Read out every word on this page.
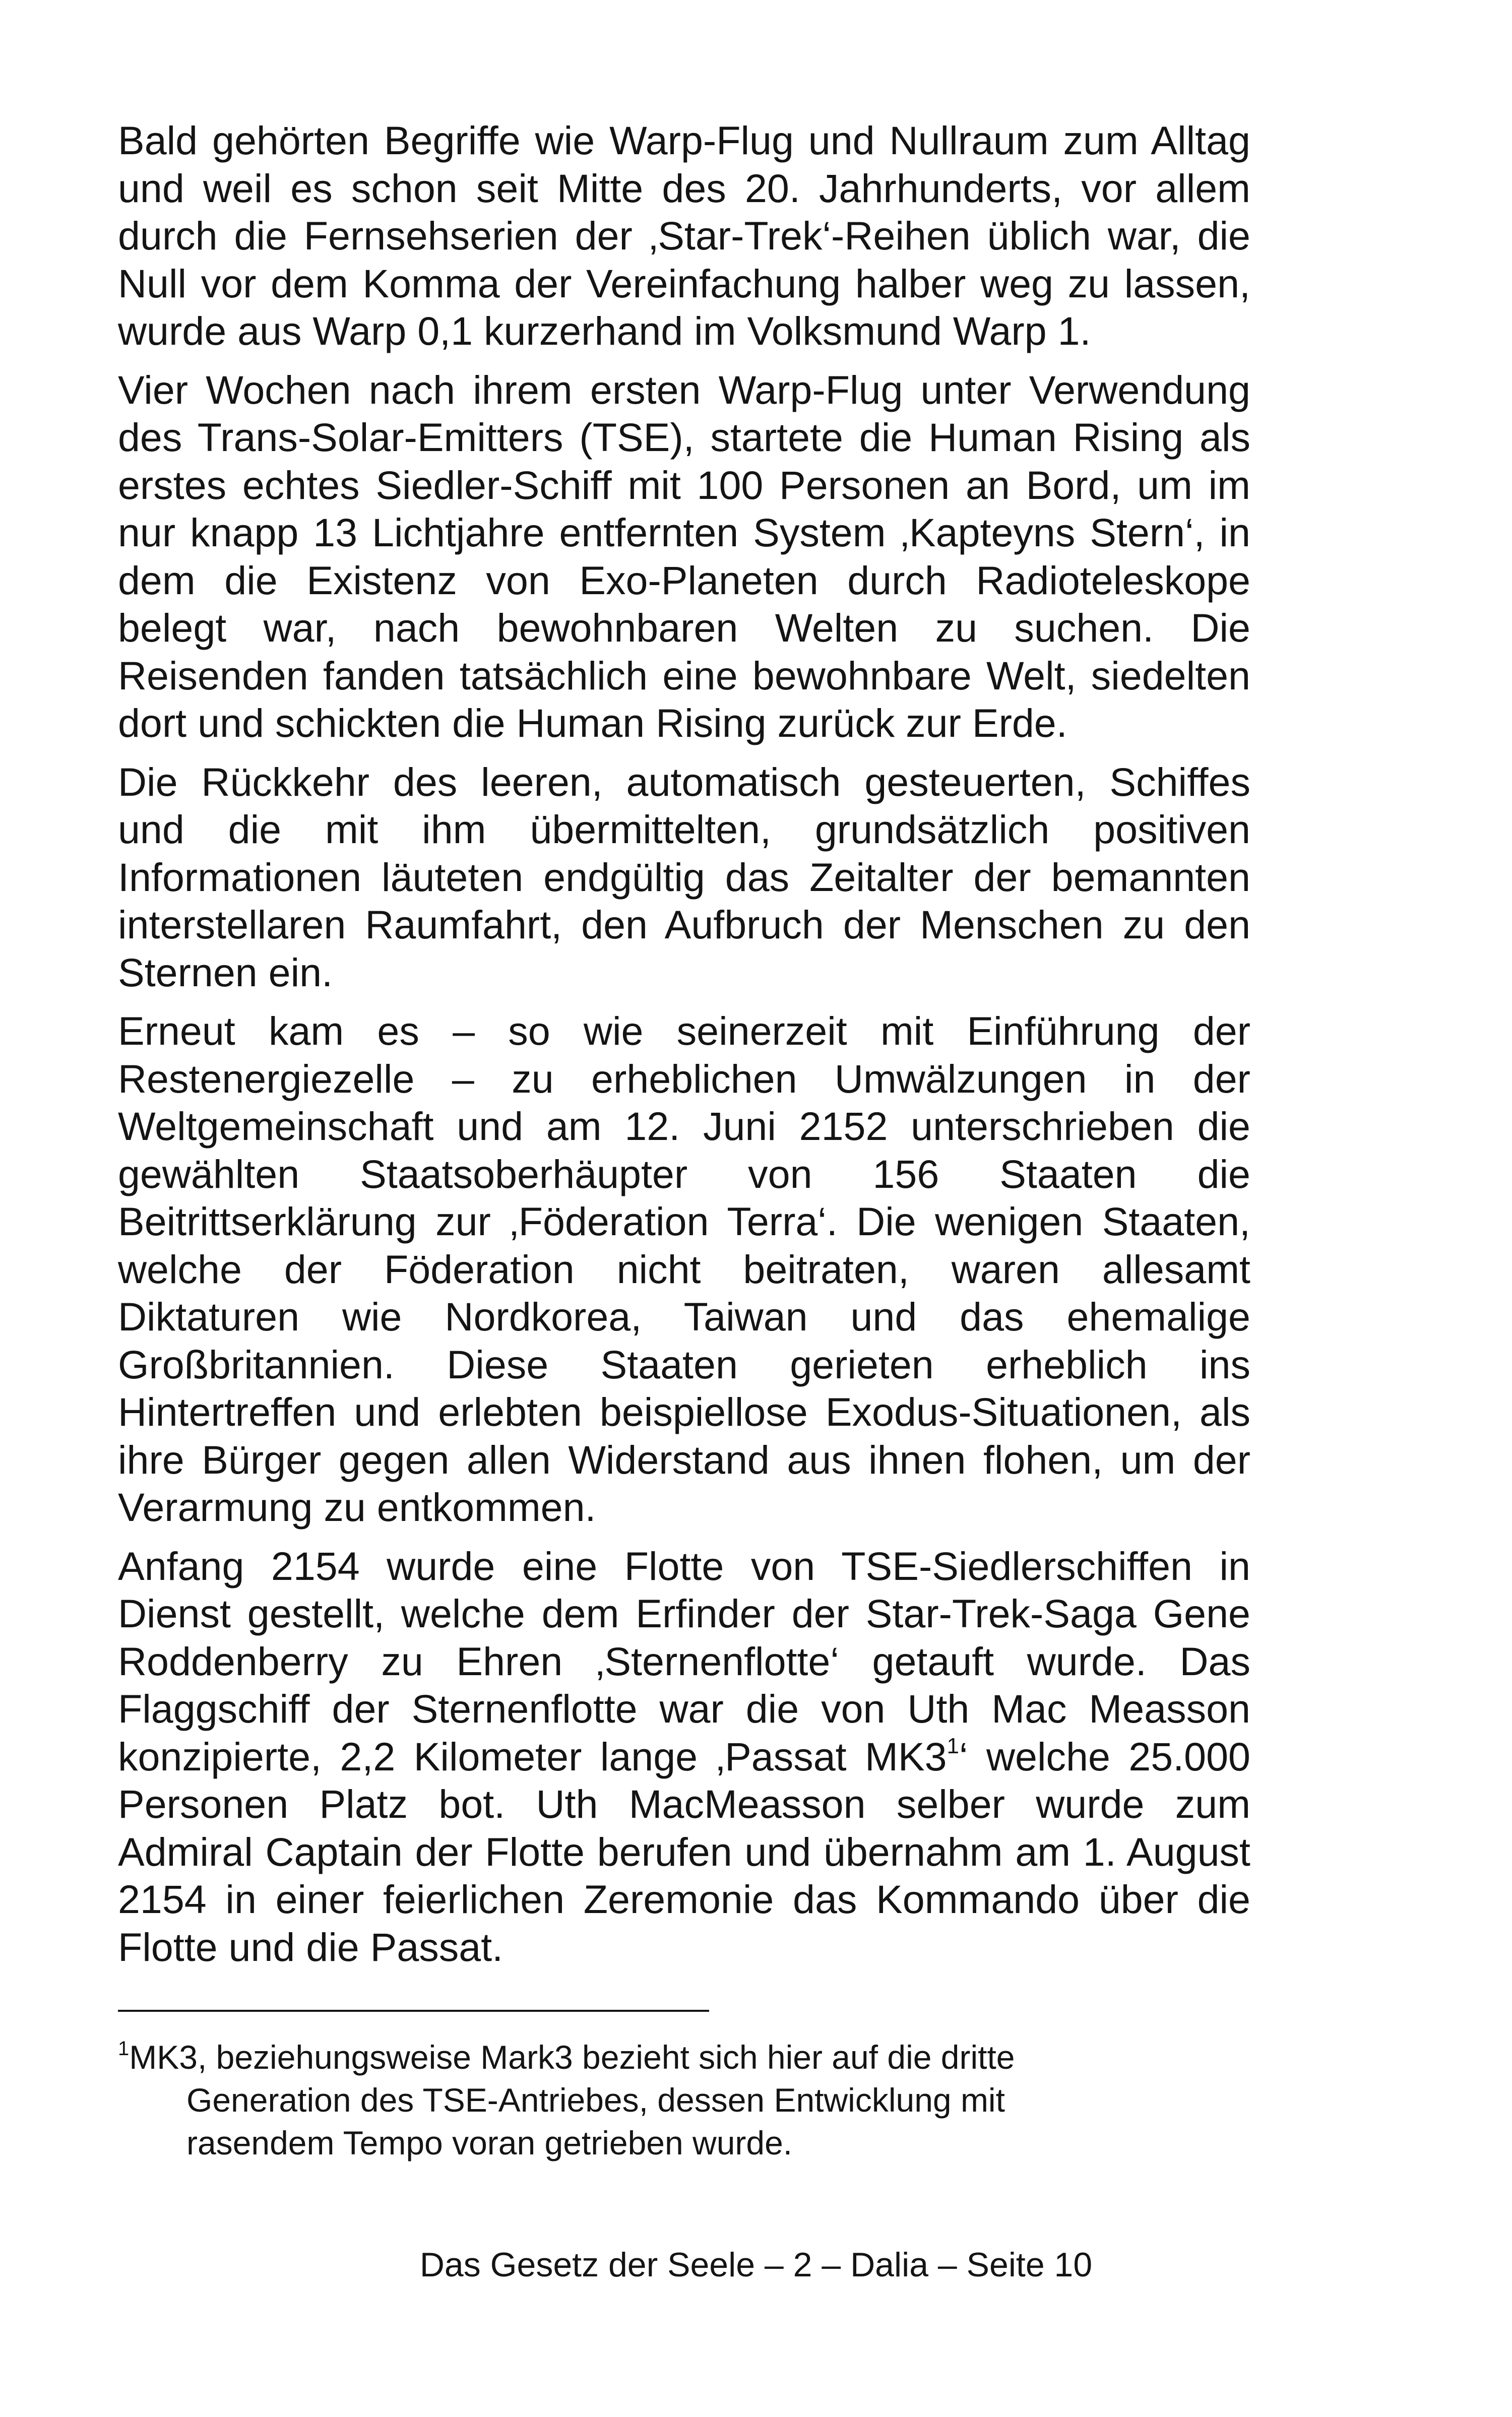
Bald gehörten Begriffe wie Warp-Flug und Nullraum zum Alltag und weil es schon seit Mitte des 20. Jahrhunderts, vor allem durch die Fernsehserien der ‚Star-Trek‘-Reihen üblich war, die Null vor dem Komma der Vereinfachung halber weg zu lassen, wurde aus Warp 0,1 kurzerhand im Volksmund Warp 1.

Vier Wochen nach ihrem ersten Warp-Flug unter Verwendung des Trans-Solar-Emitters (TSE), startete die Human Rising als erstes echtes Siedler-Schiff mit 100 Personen an Bord, um im nur knapp 13 Lichtjahre entfernten System ‚Kapteyns Stern‘, in dem die Existenz von Exo-Planeten durch Radioteleskope belegt war, nach bewohnbaren Welten zu suchen. Die Reisenden fanden tatsächlich eine bewohnbare Welt, siedelten dort und schickten die Human Rising zurück zur Erde.

Die Rückkehr des leeren, automatisch gesteuerten, Schiffes und die mit ihm übermittelten, grundsätzlich positiven Informationen läuteten endgültig das Zeitalter der bemannten interstellaren Raumfahrt, den Aufbruch der Menschen zu den Sternen ein.

Erneut kam es – so wie seinerzeit mit Einführung der Restenergiezelle – zu erheblichen Umwälzungen in der Weltgemeinschaft und am 12. Juni 2152 unterschrieben die gewählten Staatsoberhäupter von 156 Staaten die Beitrittserklärung zur ‚Föderation Terra‘. Die wenigen Staaten, welche der Föderation nicht beitraten, waren allesamt Diktaturen wie Nordkorea, Taiwan und das ehemalige Großbritannien. Diese Staaten gerieten erheblich ins Hintertreffen und erlebten beispiellose Exodus-Situationen, als ihre Bürger gegen allen Widerstand aus ihnen flohen, um der Verarmung zu entkommen.

Anfang 2154 wurde eine Flotte von TSE-Siedlerschiffen in Dienst gestellt, welche dem Erfinder der Star-Trek-Saga Gene Roddenberry zu Ehren ‚Sternenflotte‘ getauft wurde. Das Flaggschiff der Sternenflotte war die von Uth Mac Measson konzipierte, 2,2 Kilometer lange ‚Passat MK3$^1$‘ welche 25.000 Personen Platz bot. Uth MacMeasson selber wurde zum Admiral Captain der Flotte berufen und übernahm am 1. August 2154 in einer feierlichen Zeremonie das Kommando über die Flotte und die Passat.

$^1$MK3, beziehungsweise Mark3 bezieht sich hier auf die dritte Generation des TSE-Antriebes, dessen Entwicklung mit rasendem Tempo voran getrieben wurde.
Das Gesetz der Seele – 2 – Dalia – Seite 10
